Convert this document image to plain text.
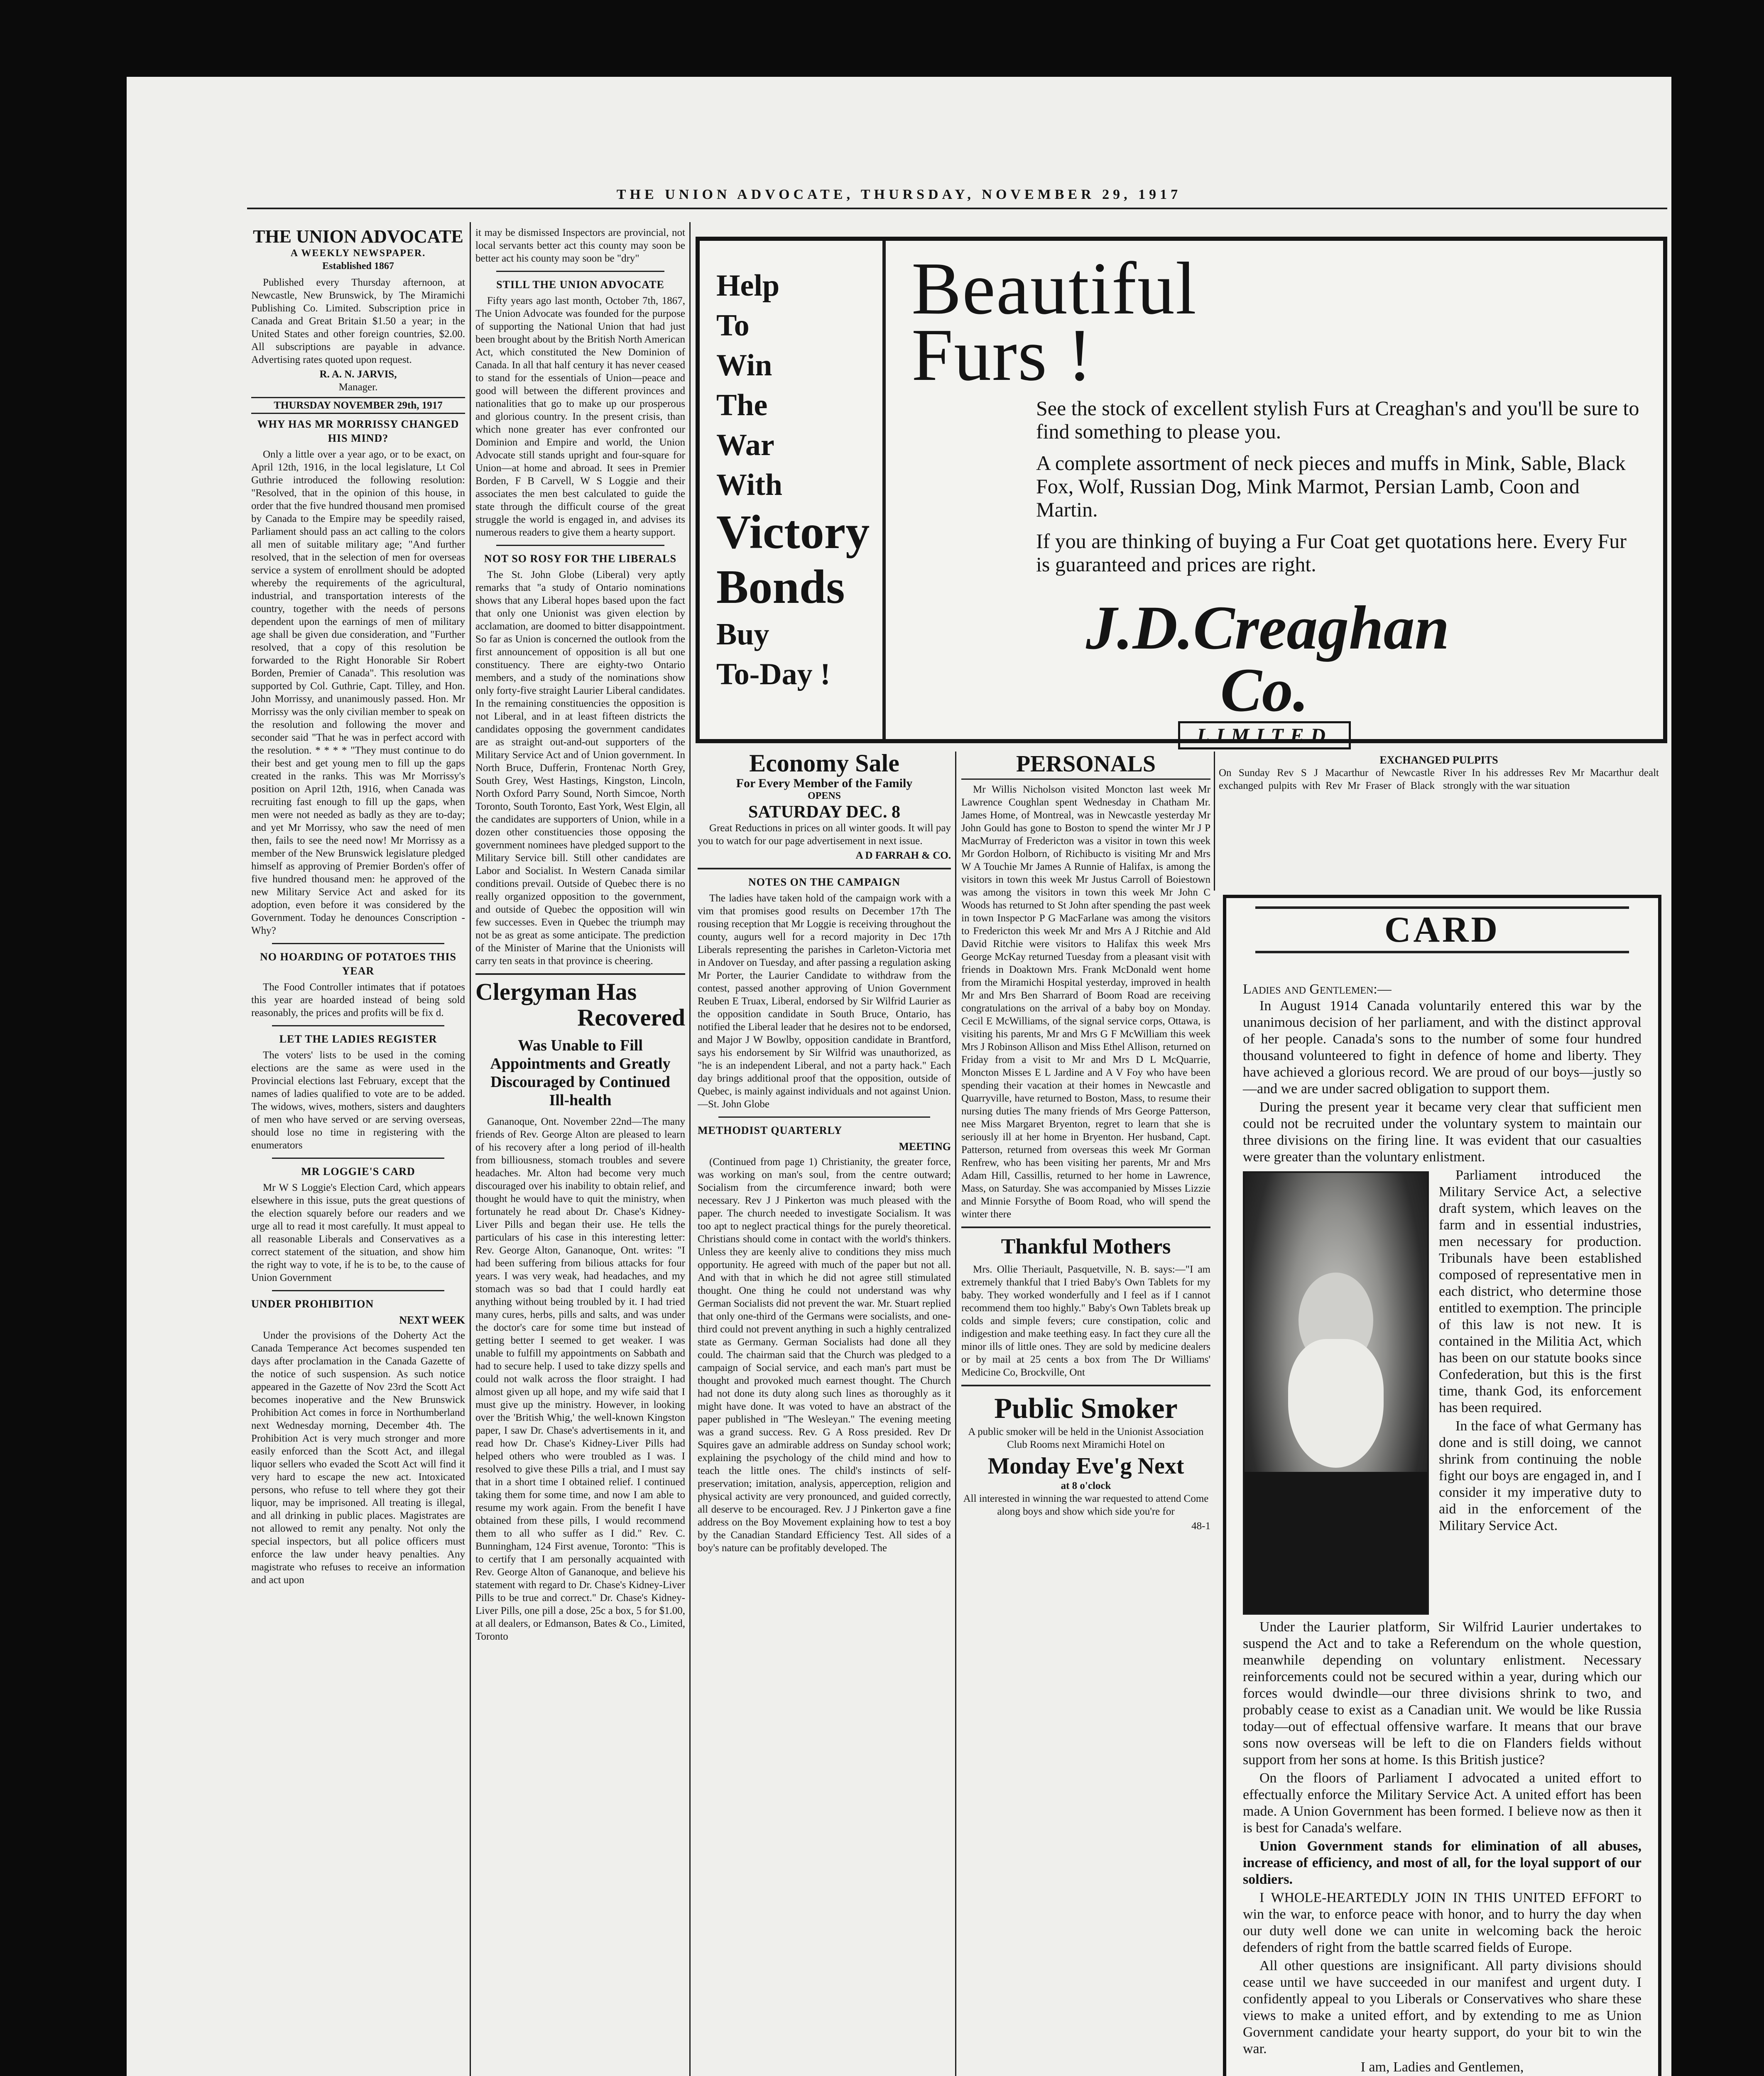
THE UNION ADVOCATE, THURSDAY, NOVEMBER 29, 1917
THE UNION ADVOCATE
A WEEKLY NEWSPAPER.
Established 1867

Published every Thursday afternoon, at Newcastle, New Brunswick, by The Miramichi Publishing Co. Limited. Subscription price in Canada and Great Britain $1.50 a year; in the United States and other foreign countries, $2.00. All subscriptions are payable in advance. Advertising rates quoted upon request.

R. A. N. JARVIS,
Manager.
THURSDAY NOVEMBER 29th, 1917
WHY HAS MR MORRISSY CHANGED HIS MIND?

Only a little over a year ago, or to be exact, on April 12th, 1916, in the local legislature, Lt Col Guthrie introduced the following resolution: "Resolved, that in the opinion of this house, in order that the five hundred thousand men promised by Canada to the Empire may be speedily raised, Parliament should pass an act calling to the colors all men of suitable military age; "And further resolved, that in the selection of men for overseas service a system of enrollment should be adopted whereby the requirements of the agricultural, industrial, and transportation interests of the country, together with the needs of persons dependent upon the earnings of men of military age shall be given due consideration, and "Further resolved, that a copy of this resolution be forwarded to the Right Honorable Sir Robert Borden, Premier of Canada". This resolution was supported by Col. Guthrie, Capt. Tilley, and Hon. John Morrissy, and unanimously passed. Hon. Mr Morrissy was the only civilian member to speak on the resolution and following the mover and seconder said "That he was in perfect accord with the resolution. * * * * "They must continue to do their best and get young men to fill up the gaps created in the ranks. This was Mr Morrissy's position on April 12th, 1916, when Canada was recruiting fast enough to fill up the gaps, when men were not needed as badly as they are to-day; and yet Mr Morrissy, who saw the need of men then, fails to see the need now! Mr Morrissy as a member of the New Brunswick legislature pledged himself as approving of Premier Borden's offer of five hundred thousand men: he approved of the new Military Service Act and asked for its adoption, even before it was considered by the Government. Today he denounces Conscription - Why?

NO HOARDING OF POTATOES THIS YEAR

The Food Controller intimates that if potatoes this year are hoarded instead of being sold reasonably, the prices and profits will be fix d.

LET THE LADIES REGISTER

The voters' lists to be used in the coming elections are the same as were used in the Provincial elections last February, except that the names of ladies qualified to vote are to be added. The widows, wives, mothers, sisters and daughters of men who have served or are serving overseas, should lose no time in registering with the enumerators

MR LOGGIE'S CARD

Mr W S Loggie's Election Card, which appears elsewhere in this issue, puts the great questions of the election squarely before our readers and we urge all to read it most carefully. It must appeal to all reasonable Liberals and Conservatives as a correct statement of the situation, and show him the right way to vote, if he is to be, to the cause of Union Government

UNDER PROHIBITION
NEXT WEEK

Under the provisions of the Doherty Act the Canada Temperance Act becomes suspended ten days after proclamation in the Canada Gazette of the notice of such suspension. As such notice appeared in the Gazette of Nov 23rd the Scott Act becomes inoperative and the New Brunswick Prohibition Act comes in force in Northumberland next Wednesday morning, December 4th. The Prohibition Act is very much stronger and more easily enforced than the Scott Act, and illegal liquor sellers who evaded the Scott Act will find it very hard to escape the new act. Intoxicated persons, who refuse to tell where they got their liquor, may be imprisoned. All treating is illegal, and all drinking in public places. Magistrates are not allowed to remit any penalty. Not only the special inspectors, but all police officers must enforce the law under heavy penalties. Any magistrate who refuses to receive an information and act upon

it may be dismissed Inspectors are provincial, not local servants better act this county may soon be better act his county may soon be "dry"

STILL THE UNION ADVOCATE

Fifty years ago last month, October 7th, 1867, The Union Advocate was founded for the purpose of supporting the National Union that had just been brought about by the British North American Act, which constituted the New Dominion of Canada. In all that half century it has never ceased to stand for the essentials of Union—peace and good will between the different provinces and nationalities that go to make up our prosperous and glorious country. In the present crisis, than which none greater has ever confronted our Dominion and Empire and world, the Union Advocate still stands upright and four-square for Union—at home and abroad. It sees in Premier Borden, F B Carvell, W S Loggie and their associates the men best calculated to guide the state through the difficult course of the great struggle the world is engaged in, and advises its numerous readers to give them a hearty support.

NOT SO ROSY FOR THE LIBERALS

The St. John Globe (Liberal) very aptly remarks that "a study of Ontario nominations shows that any Liberal hopes based upon the fact that only one Unionist was given election by acclamation, are doomed to bitter disappointment. So far as Union is concerned the outlook from the first announcement of opposition is all but one constituency. There are eighty-two Ontario members, and a study of the nominations show only forty-five straight Laurier Liberal candidates. In the remaining constituencies the opposition is not Liberal, and in at least fifteen districts the candidates opposing the government candidates are as straight out-and-out supporters of the Military Service Act and of Union government. In North Bruce, Dufferin, Frontenac North Grey, South Grey, West Hastings, Kingston, Lincoln, North Oxford Parry Sound, North Simcoe, North Toronto, South Toronto, East York, West Elgin, all the candidates are supporters of Union, while in a dozen other constituencies those opposing the government nominees have pledged support to the Military Service bill. Still other candidates are Labor and Socialist. In Western Canada similar conditions prevail. Outside of Quebec there is no really organized opposition to the government, and outside of Quebec the opposition will win few successes. Even in Quebec the triumph may not be as great as some anticipate. The prediction of the Minister of Marine that the Unionists will carry ten seats in that province is cheering.

Clergyman Has
Recovered
Was Unable to Fill Appointments and Greatly Discouraged by Continued Ill-health

Gananoque, Ont. November 22nd—The many friends of Rev. George Alton are pleased to learn of his recovery after a long period of ill-health from billiousness, stomach troubles and severe headaches. Mr. Alton had become very much discouraged over his inability to obtain relief, and thought he would have to quit the ministry, when fortunately he read about Dr. Chase's Kidney-Liver Pills and began their use. He tells the particulars of his case in this interesting letter: Rev. George Alton, Gananoque, Ont. writes: "I had been suffering from bilious attacks for four years. I was very weak, had headaches, and my stomach was so bad that I could hardly eat anything without being troubled by it. I had tried many cures, herbs, pills and salts, and was under the doctor's care for some time but instead of getting better I seemed to get weaker. I was unable to fulfill my appointments on Sabbath and had to secure help. I used to take dizzy spells and could not walk across the floor straight. I had almost given up all hope, and my wife said that I must give up the ministry. However, in looking over the 'British Whig,' the well-known Kingston paper, I saw Dr. Chase's advertisements in it, and read how Dr. Chase's Kidney-Liver Pills had helped others who were troubled as I was. I resolved to give these Pills a trial, and I must say that in a short time I obtained relief. I continued taking them for some time, and now I am able to resume my work again. From the benefit I have obtained from these pills, I would recommend them to all who suffer as I did." Rev. C. Bunningham, 124 First avenue, Toronto: "This is to certify that I am personally acquainted with Rev. George Alton of Gananoque, and believe his statement with regard to Dr. Chase's Kidney-Liver Pills to be true and correct." Dr. Chase's Kidney-Liver Pills, one pill a dose, 25c a box, 5 for $1.00, at all dealers, or Edmanson, Bates & Co., Limited, Toronto

Help
To
Win
The
War
With
Victory
Bonds
Buy
To-Day !
Beautiful
Furs !
See the stock of excellent stylish Furs at Creaghan's and you'll be sure to find something to please you.
A complete assortment of neck pieces and muffs in Mink, Sable, Black Fox, Wolf, Russian Dog, Mink Marmot, Persian Lamb, Coon and Martin.
If you are thinking of buying a Fur Coat get quotations here. Every Fur is guaranteed and prices are right.
J.D.Creaghan Co.
LIMITED
Economy Sale
For Every Member of the Family
OPENS
SATURDAY DEC. 8

Great Reductions in prices on all winter goods. It will pay you to watch for our page advertisement in next issue.

A D FARRAH & CO.
NOTES ON THE CAMPAIGN

The ladies have taken hold of the campaign work with a vim that promises good results on December 17th The rousing reception that Mr Loggie is receiving throughout the county, augurs well for a record majority in Dec 17th Liberals representing the parishes in Carleton-Victoria met in Andover on Tuesday, and after passing a regulation asking Mr Porter, the Laurier Candidate to withdraw from the contest, passed another approving of Union Government Reuben E Truax, Liberal, endorsed by Sir Wilfrid Laurier as the opposition candidate in South Bruce, Ontario, has notified the Liberal leader that he desires not to be endorsed, and Major J W Bowlby, opposition candidate in Brantford, says his endorsement by Sir Wilfrid was unauthorized, as "he is an independent Liberal, and not a party hack." Each day brings additional proof that the opposition, outside of Quebec, is mainly against individuals and not against Union.—St. John Globe

METHODIST QUARTERLY
MEETING

(Continued from page 1) Christianity, the greater force, was working on man's soul, from the centre outward; Socialism from the circumference inward; both were necessary. Rev J J Pinkerton was much pleased with the paper. The church needed to investigate Socialism. It was too apt to neglect practical things for the purely theoretical. Christians should come in contact with the world's thinkers. Unless they are keenly alive to conditions they miss much opportunity. He agreed with much of the paper but not all. And with that in which he did not agree still stimulated thought. One thing he could not understand was why German Socialists did not prevent the war. Mr. Stuart replied that only one-third of the Germans were socialists, and one-third could not prevent anything in such a highly centralized state as Germany. German Socialists had done all they could. The chairman said that the Church was pledged to a campaign of Social service, and each man's part must be thought and provoked much earnest thought. The Church had not done its duty along such lines as thoroughly as it might have done. It was voted to have an abstract of the paper published in "The Wesleyan." The evening meeting was a grand success. Rev. G A Ross presided. Rev Dr Squires gave an admirable address on Sunday school work; explaining the psychology of the child mind and how to teach the little ones. The child's instincts of self-preservation; imitation, analysis, apperception, religion and physical activity are very pronounced, and guided correctly, all deserve to be encouraged. Rev. J J Pinkerton gave a fine address on the Boy Movement explaining how to test a boy by the Canadian Standard Efficiency Test. All sides of a boy's nature can be profitably developed. The

PERSONALS

Mr Willis Nicholson visited Moncton last week Mr Lawrence Coughlan spent Wednesday in Chatham Mr. James Home, of Montreal, was in Newcastle yesterday Mr John Gould has gone to Boston to spend the winter Mr J P MacMurray of Fredericton was a visitor in town this week Mr Gordon Holborn, of Richibucto is visiting Mr and Mrs W A Touchie Mr James A Runnie of Halifax, is among the visitors in town this week Mr Justus Carroll of Boiestown was among the visitors in town this week Mr John C Woods has returned to St John after spending the past week in town Inspector P G MacFarlane was among the visitors to Fredericton this week Mr and Mrs A J Ritchie and Ald David Ritchie were visitors to Halifax this week Mrs George McKay returned Tuesday from a pleasant visit with friends in Doaktown Mrs. Frank McDonald went home from the Miramichi Hospital yesterday, improved in health Mr and Mrs Ben Sharrard of Boom Road are receiving congratulations on the arrival of a baby boy on Monday. Cecil E McWilliams, of the signal service corps, Ottawa, is visiting his parents, Mr and Mrs G F McWilliam this week Mrs J Robinson Allison and Miss Ethel Allison, returned on Friday from a visit to Mr and Mrs D L McQuarrie, Moncton Misses E L Jardine and A V Foy who have been spending their vacation at their homes in Newcastle and Quarryville, have returned to Boston, Mass, to resume their nursing duties The many friends of Mrs George Patterson, nee Miss Margaret Bryenton, regret to learn that she is seriously ill at her home in Bryenton. Her husband, Capt. Patterson, returned from overseas this week Mr Gorman Renfrew, who has been visiting her parents, Mr and Mrs Adam Hill, Cassillis, returned to her home in Lawrence, Mass, on Saturday. She was accompanied by Misses Lizzie and Minnie Forsythe of Boom Road, who will spend the winter there

Thankful Mothers

Mrs. Ollie Theriault, Pasquetville, N. B. says:—"I am extremely thankful that I tried Baby's Own Tablets for my baby. They worked wonderfully and I feel as if I cannot recommend them too highly." Baby's Own Tablets break up colds and simple fevers; cure constipation, colic and indigestion and make teething easy. In fact they cure all the minor ills of little ones. They are sold by medicine dealers or by mail at 25 cents a box from The Dr Williams' Medicine Co, Brockville, Ont

Public Smoker

A public smoker will be held in the Unionist Association Club Rooms next Miramichi Hotel on

Monday Eve'g Next
at 8 o'clock

All interested in winning the war requested to attend Come along boys and show which side you're for

48-1
EXCHANGED PULPITS

On Sunday Rev S J Macarthur of Newcastle exchanged pulpits with Rev Mr Fraser of Black River In his addresses Rev Mr Macarthur dealt strongly with the war situation

CARD
Ladies and Gentlemen:—

In August 1914 Canada voluntarily entered this war by the unanimous decision of her parliament, and with the distinct approval of her people. Canada's sons to the number of some four hundred thousand volunteered to fight in defence of home and liberty. They have achieved a glorious record. We are proud of our boys—justly so—and we are under sacred obligation to support them.

During the present year it became very clear that sufficient men could not be recruited under the voluntary system to maintain our three divisions on the firing line. It was evident that our casualties were greater than the voluntary enlistment.

Parliament introduced the Military Service Act, a selective draft system, which leaves on the farm and in essential industries, men necessary for production. Tribunals have been established composed of representative men in each district, who determine those entitled to exemption. The principle of this law is not new. It is contained in the Militia Act, which has been on our statute books since Confederation, but this is the first time, thank God, its enforcement has been required.

In the face of what Germany has done and is still doing, we cannot shrink from continuing the noble fight our boys are engaged in, and I consider it my imperative duty to aid in the enforcement of the Military Service Act.

Under the Laurier platform, Sir Wilfrid Laurier undertakes to suspend the Act and to take a Referendum on the whole question, meanwhile depending on voluntary enlistment. Necessary reinforcements could not be secured within a year, during which our forces would dwindle—our three divisions shrink to two, and probably cease to exist as a Canadian unit. We would be like Russia today—out of effectual offensive warfare. It means that our brave sons now overseas will be left to die on Flanders fields without support from her sons at home. Is this British justice?

On the floors of Parliament I advocated a united effort to effectually enforce the Military Service Act. A united effort has been made. A Union Government has been formed. I believe now as then it is best for Canada's welfare.

Union Government stands for elimination of all abuses, increase of efficiency, and most of all, for the loyal support of our soldiers.

I WHOLE-HEARTEDLY JOIN IN THIS UNITED EFFORT to win the war, to enforce peace with honor, and to hurry the day when our duty well done we can unite in welcoming back the heroic defenders of right from the battle scarred fields of Europe.

All other questions are insignificant. All party divisions should cease until we have succeeded in our manifest and urgent duty. I confidently appeal to you Liberals or Conservatives who share these views to make a united effort, and by extending to me as Union Government candidate your hearty support, do your bit to win the war.

I am, Ladies and Gentlemen,
